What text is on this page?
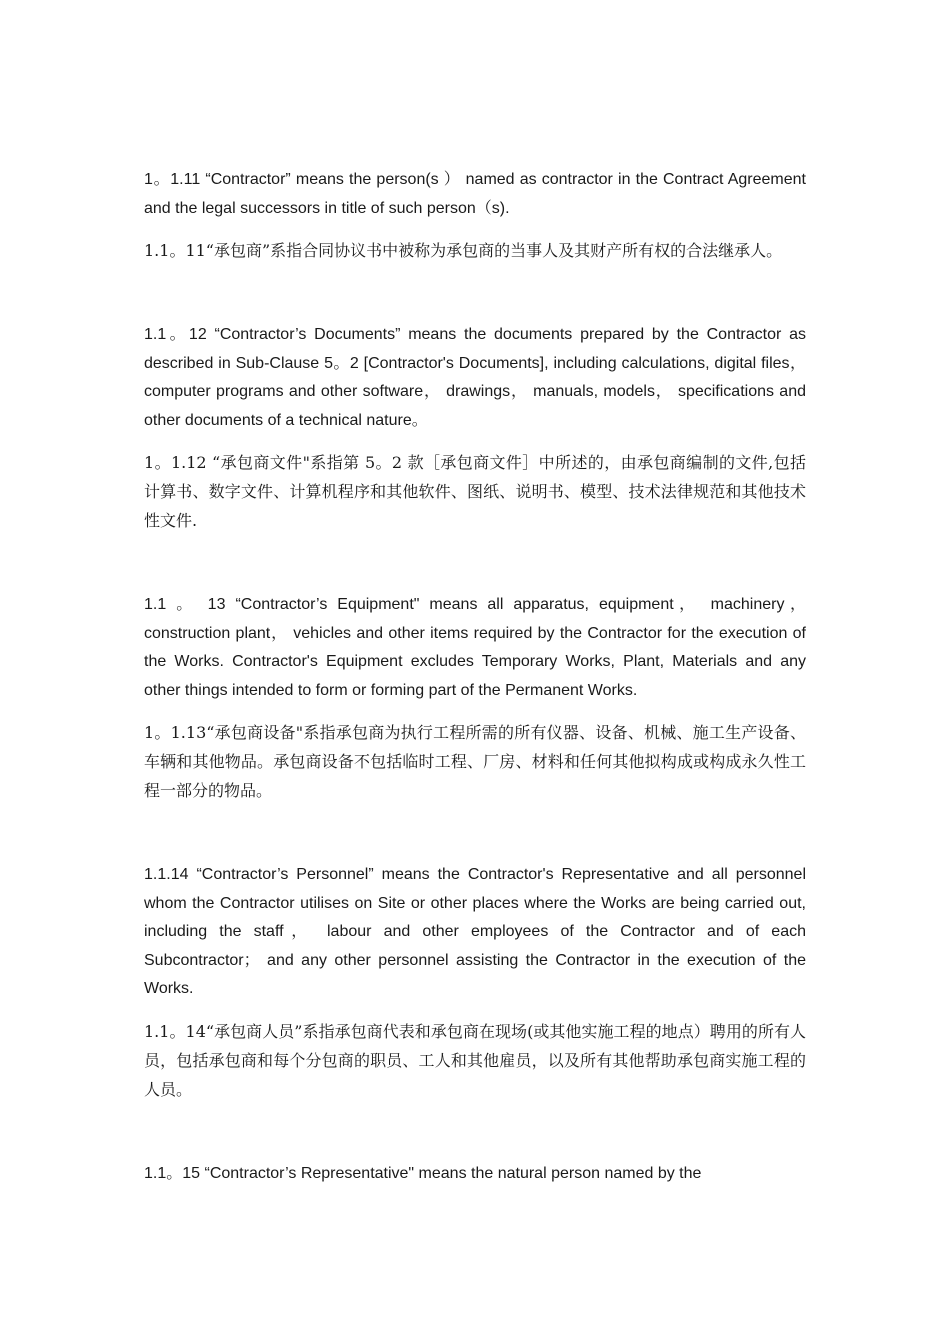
1。1.11 “Contractor” means the person(s ） named as contractor in the Contract Agreement and the legal successors in title of such person（s).

1.1。11“承包商”系指合同协议书中被称为承包商的当事人及其财产所有权的合法继承人。

1.1。12 “Contractor’s Documents” means the documents prepared by the Contractor as described in Sub-Clause 5。2 [Contractor's Documents], including calculations, digital files， computer programs and other software， drawings， manuals, models， specifications and other documents of a technical nature。

1。1.12 “承包商文件"系指第 5。2 款［承包商文件］中所述的，由承包商编制的文件,包括计算书、数字文件、计算机程序和其他软件、图纸、说明书、模型、技术法律规范和其他技术性文件.

1.1 。 13 “Contractor’s Equipment" means all apparatus, equipment， machinery， construction plant， vehicles and other items required by the Contractor for the execution of the Works. Contractor's Equipment excludes Temporary Works, Plant, Materials and any other things intended to form or forming part of the Permanent Works.

1。1.13“承包商设备"系指承包商为执行工程所需的所有仪器、设备、机械、施工生产设备、车辆和其他物品。承包商设备不包括临时工程、厂房、材料和任何其他拟构成或构成永久性工程一部分的物品。

1.1.14 “Contractor’s Personnel” means the Contractor's Representative and all personnel whom the Contractor utilises on Site or other places where the Works are being carried out, including the staff， labour and other employees of the Contractor and of each Subcontractor； and any other personnel assisting the Contractor in the execution of the Works.

1.1。14“承包商人员”系指承包商代表和承包商在现场(或其他实施工程的地点）聘用的所有人员，包括承包商和每个分包商的职员、工人和其他雇员，以及所有其他帮助承包商实施工程的人员。

1.1。15 “Contractor’s Representative" means the natural person named by the
